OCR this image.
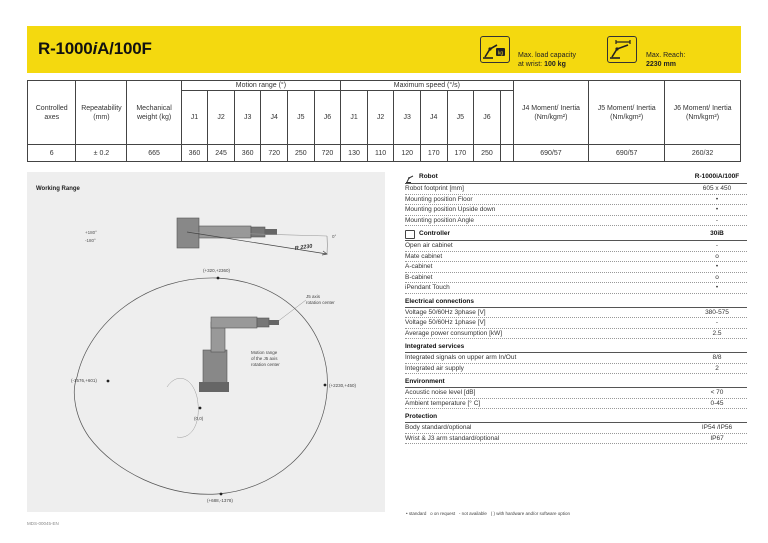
R-1000iA/100F	kg Max. load capacity
at wrist: 100 kg
Max. Reach:
2230 mm
Controlled axes	Repeatability (mm)	Mechanical weight (kg)	Motion range (°)						Maximum speed (°/s)							J4 Moment/ Inertia (Nm/kgm²)	J5 Moment/ Inertia (Nm/kgm²)	J6 Moment/ Inertia (Nm/kgm²)
			J1	J2	J3	J4	J5	J6	J1	J2	J3	J4	J5	J6				
6	± 0.2	665	360	245	360	720	250	720	130	110	120	170	170	250		690/57	690/57	260/32
+180°
-180°
0°
R 2230
(+320,+2360)
(-1576,+601)
(+2230,+450)
(+688,-1378)
(0,0)
J5 axis
rotation center
Motion range
of the J5 axis
rotation center
Working Range
Robot	R-1000iA/100F
Robot footprint [mm]	605 x 450
Mounting position Floor	•
Mounting position Upside down	•
Mounting position Angle	-
Controller	30iB
Open air cabinet	-
Mate cabinet	o
A-cabinet	•
B-cabinet	o
iPendant Touch	•
Electrical connections
Voltage 50/60Hz 3phase [V]	380-575
Voltage 50/60Hz 1phase [V]	-
Average power consumption [kW]	2.5
Integrated services
Integrated signals on upper arm In/Out	8/8
Integrated air supply	2
Environment
Acoustic noise level [dB]	< 70
Ambient temperature [° C]	0-45
Protection
Body standard/optional	IP54 /IP56
Wrist & J3 arm standard/optional	IP67
• standard o on request - not available ( ) with hardware and/or software option
MDS-00045-EN
